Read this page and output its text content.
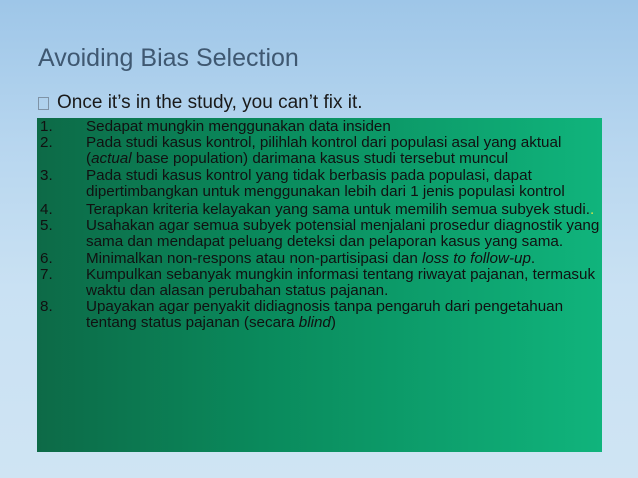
Avoiding Bias Selection
Once it’s in the study, you can’t fix it.
1.	Sedapat mungkin menggunakan data insiden
2.	Pada studi kasus kontrol, pilihlah kontrol dari populasi asal yang aktual (actual base population) darimana kasus studi tersebut muncul
3.	Pada studi kasus kontrol yang tidak berbasis pada populasi, dapat dipertimbangkan untuk menggunakan lebih dari 1 jenis populasi kontrol
4.	Terapkan kriteria kelayakan yang sama untuk memilih semua subyek studi..
5.	Usahakan agar semua subyek potensial menjalani prosedur diagnostik yang sama dan mendapat peluang deteksi dan pelaporan kasus yang sama.
6.	Minimalkan non-respons atau non-partisipasi dan loss to follow-up.
7.	Kumpulkan sebanyak mungkin informasi tentang riwayat pajanan, termasuk waktu dan alasan perubahan status pajanan.
8.	Upayakan agar penyakit didiagnosis tanpa pengaruh dari pengetahuan tentang status pajanan (secara blind)
